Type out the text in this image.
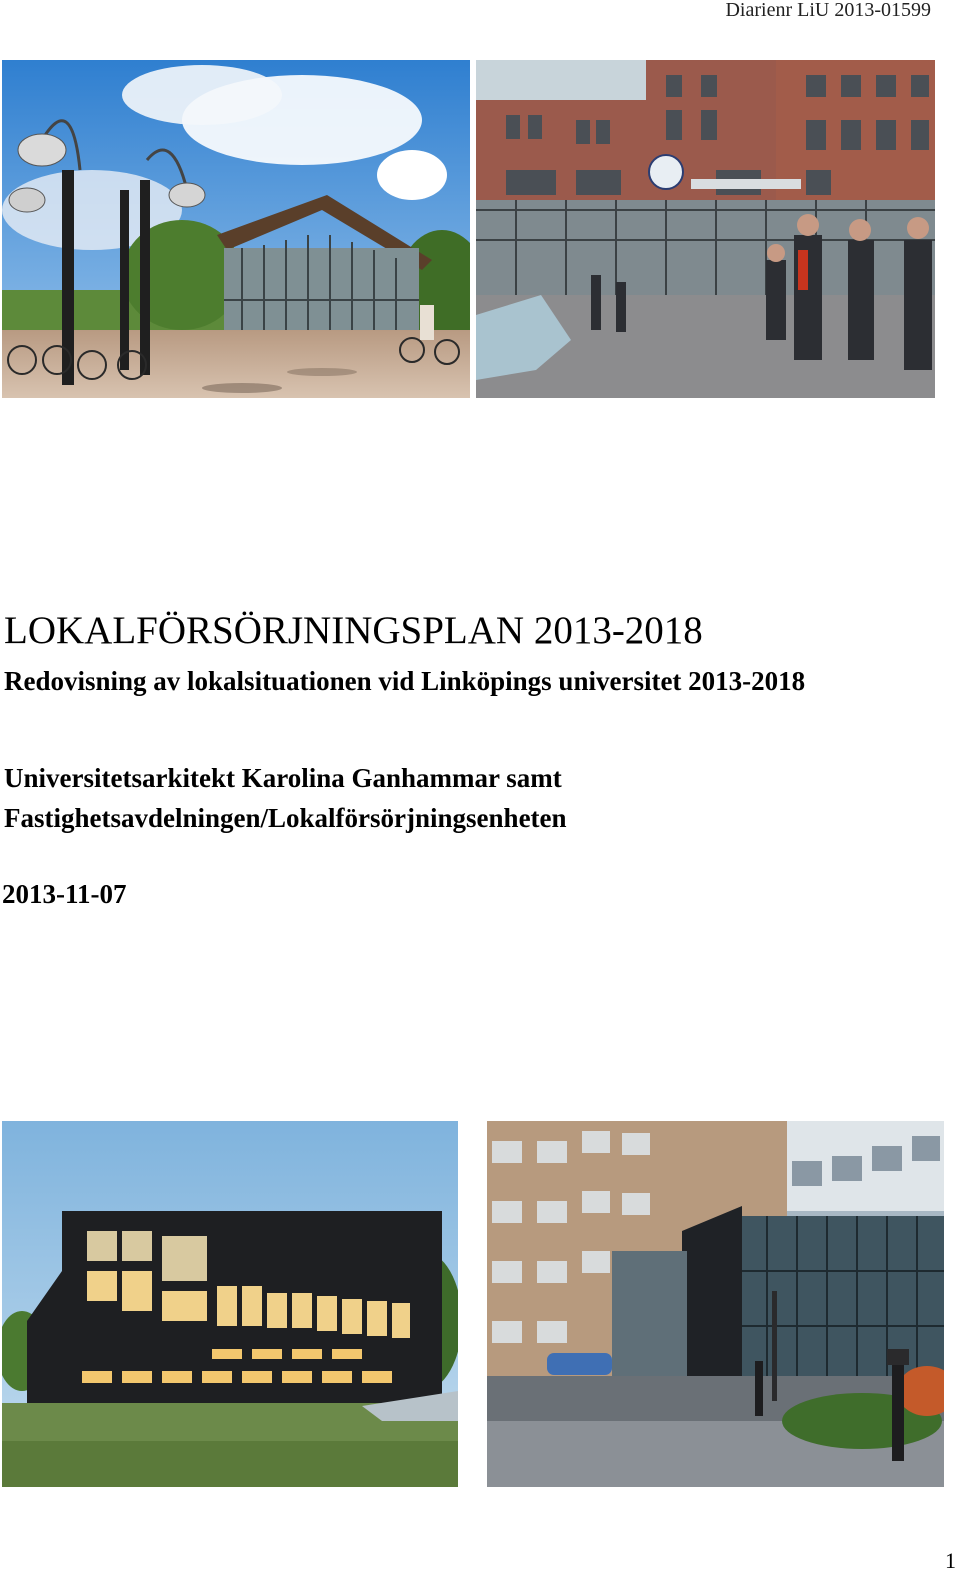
Diarienr LiU 2013-01599
LOKALFÖRSÖRJNINGSPLAN 2013-2018
Redovisning av lokalsituationen vid Linköpings universitet 2013-2018
Universitetsarkitekt Karolina Ganhammar samt
Fastighetsavdelningen/Lokalförsörjningsenheten
2013-11-07
1
